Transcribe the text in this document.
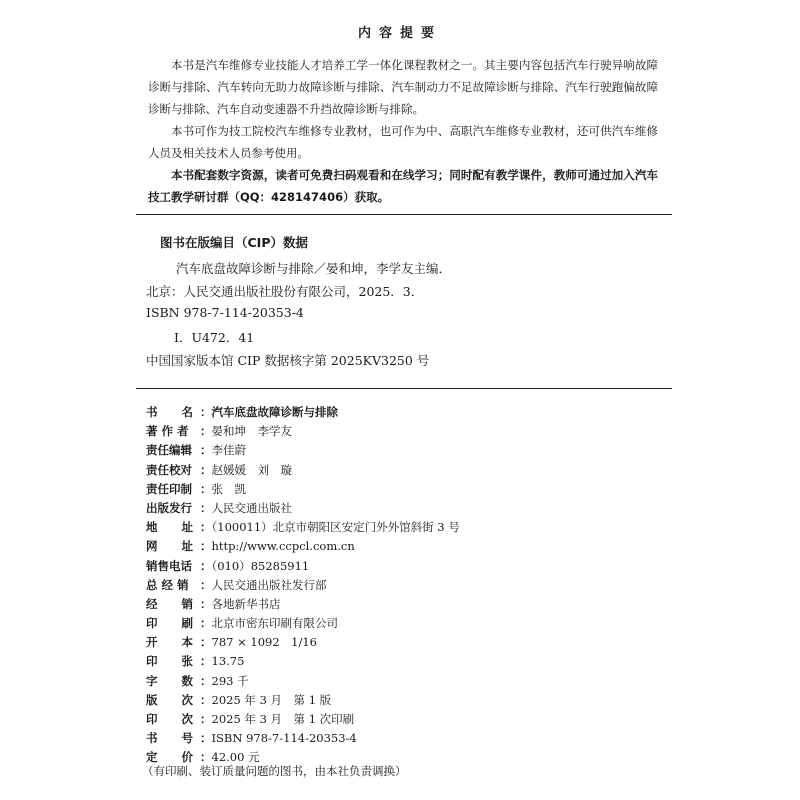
内容提要

本书是汽车维修专业技能人才培养工学一体化课程教材之一。其主要内容包括汽车行驶异响故障诊断与排除、汽车转向无助力故障诊断与排除、汽车制动力不足故障诊断与排除、汽车行驶跑偏故障诊断与排除、汽车自动变速器不升挡故障诊断与排除。

本书可作为技工院校汽车维修专业教材，也可作为中、高职汽车维修专业教材，还可供汽车维修人员及相关技术人员参考使用。

本书配套数字资源，读者可免费扫码观看和在线学习；同时配有教学课件，教师可通过加入汽车技工教学研讨群（QQ：428147406）获取。

图书在版编目（CIP）数据
汽车底盘故障诊断与排除／晏和坤，李学友主编．
北京：人民交通出版社股份有限公司，2025．3．
ISBN 978-7-114-20353-4
Ⅰ．U472．41
中国国家版本馆 CIP 数据核字第 2025KV3250 号
书      名 ：汽车底盘故障诊断与排除
著 作 者 ：晏和坤　李学友
责任编辑 ：李佳蔚
责任校对 ：赵媛媛　刘　璇
责任印制 ：张　凯
出版发行 ：人民交通出版社
地      址 ：（100011）北京市朝阳区安定门外外馆斜街 3 号
网      址 ：http://www.ccpcl.com.cn
销售电话 ：（010）85285911
总 经 销 ：人民交通出版社发行部
经      销 ：各地新华书店
印      刷 ：北京市密东印刷有限公司
开      本 ：787 × 1092　1/16
印      张 ：13.75
字      数 ：293 千
版      次 ：2025 年 3 月　第 1 版
印      次 ：2025 年 3 月　第 1 次印刷
书      号 ：ISBN 978-7-114-20353-4
定      价 ：42.00 元
（有印刷、装订质量问题的图书，由本社负责调换）
